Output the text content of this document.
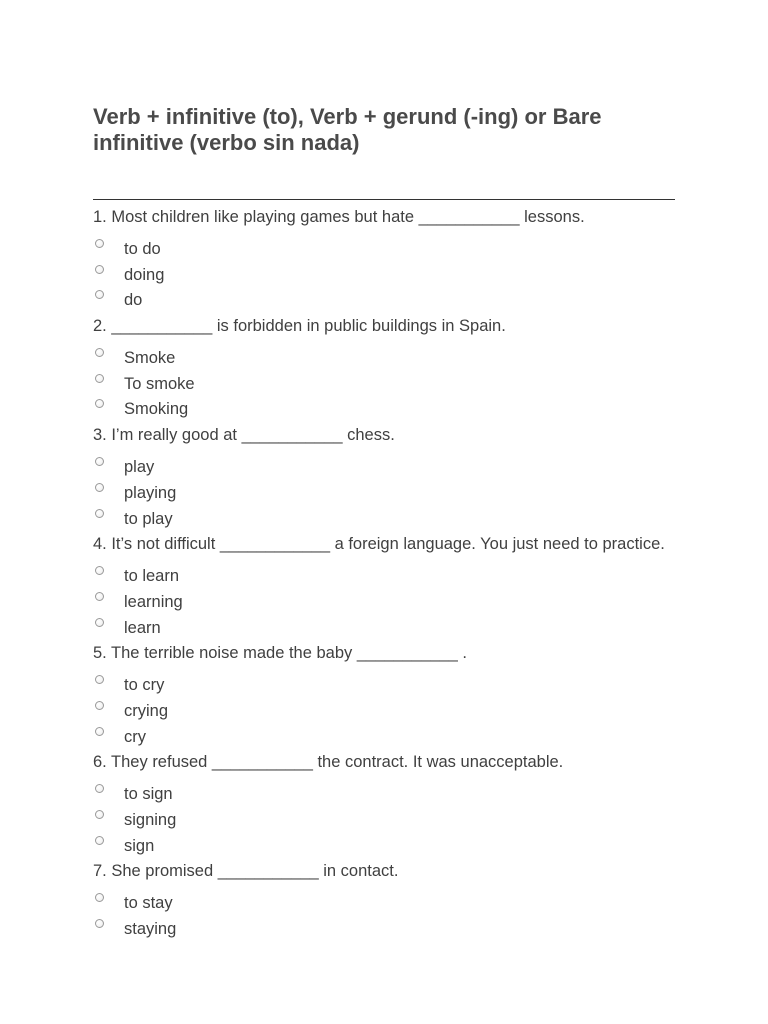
Verb + infinitive (to), Verb + gerund (-ing) or Bare infinitive (verbo sin nada)
1. Most children like playing games but hate ___________ lessons.
to do
doing
do
2. ___________ is forbidden in public buildings in Spain.
Smoke
To smoke
Smoking
3. I’m really good at ___________ chess.
play
playing
to play
4. It’s not difficult ____________ a foreign language. You just need to practice.
to learn
learning
learn
5. The terrible noise made the baby ___________ .
to cry
crying
cry
6. They refused ___________ the contract. It was unacceptable.
to sign
signing
sign
7. She promised ___________ in contact.
to stay
staying
